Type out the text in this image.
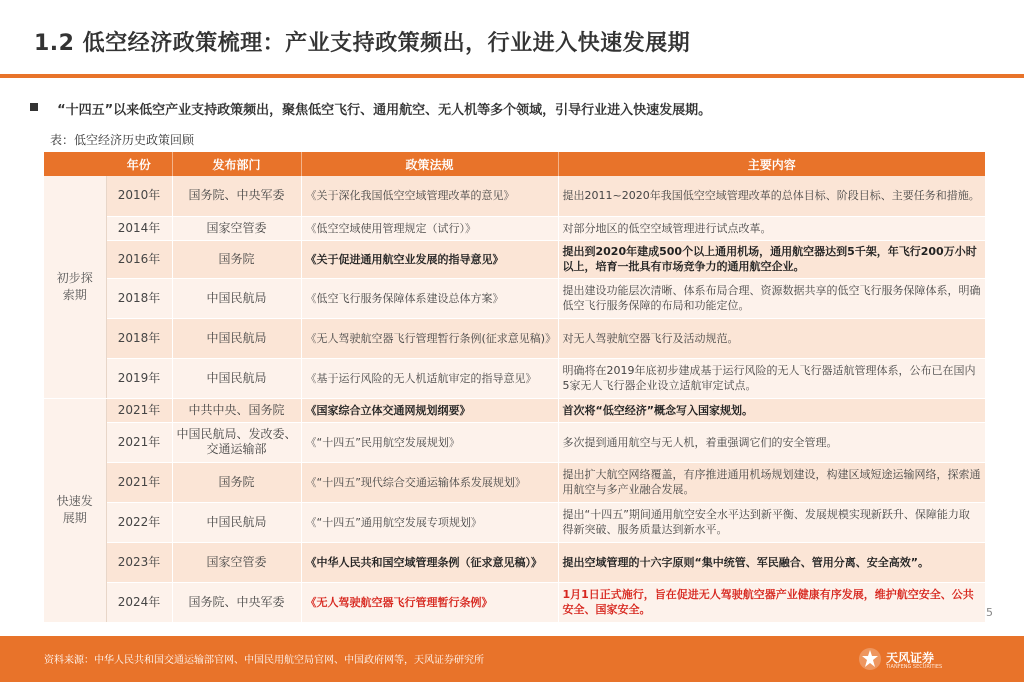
1.2 低空经济政策梳理：产业支持政策频出，行业进入快速发展期
“十四五”以来低空产业支持政策频出，聚焦低空飞行、通用航空、无人机等多个领域，引导行业进入快速发展期。
表：低空经济历史政策回顾
	年份	发布部门	政策法规	主要内容
初步探索期	2010年	国务院、中央军委	《关于深化我国低空空域管理改革的意见》	提出2011~2020年我国低空空域管理改革的总体目标、阶段目标、主要任务和措施。
	2014年	国家空管委	《低空空域使用管理规定（试行）》	对部分地区的低空空域管理进行试点改革。
	2016年	国务院	《关于促进通用航空业发展的指导意见》	提出到2020年建成500个以上通用机场，通用航空器达到5千架，年飞行200万小时以上，培育一批具有市场竞争力的通用航空企业。
	2018年	中国民航局	《低空飞行服务保障体系建设总体方案》	提出建设功能层次清晰、体系布局合理、资源数据共享的低空飞行服务保障体系，明确低空飞行服务保障的布局和功能定位。
	2018年	中国民航局	《无人驾驶航空器飞行管理暂行条例(征求意见稿)》	对无人驾驶航空器飞行及活动规范。
	2019年	中国民航局	《基于运行风险的无人机适航审定的指导意见》	明确将在2019年底初步建成基于运行风险的无人飞行器适航管理体系，公布已在国内5家无人飞行器企业设立适航审定试点。
快速发展期	2021年	中共中央、国务院	《国家综合立体交通网规划纲要》	首次将“低空经济”概念写入国家规划。
	2021年	中国民航局、发改委、交通运输部	《“十四五”民用航空发展规划》	多次提到通用航空与无人机，着重强调它们的安全管理。
	2021年	国务院	《“十四五”现代综合交通运输体系发展规划》	提出扩大航空网络覆盖，有序推进通用机场规划建设，构建区域短途运输网络，探索通用航空与多产业融合发展。
	2022年	中国民航局	《“十四五”通用航空发展专项规划》	提出“十四五”期间通用航空安全水平达到新平衡、发展规模实现新跃升、保障能力取得新突破、服务质量达到新水平。
	2023年	国家空管委	《中华人民共和国空域管理条例（征求意见稿）》	提出空域管理的十六字原则“集中统管、军民融合、管用分离、安全高效”。
	2024年	国务院、中央军委	《无人驾驶航空器飞行管理暂行条例》	1月1日正式施行，旨在促进无人驾驶航空器产业健康有序发展，维护航空安全、公共安全、国家安全。	5
资料来源：中华人民共和国交通运输部官网、中国民用航空局官网、中国政府网等，天风证券研究所	天风证券
TIANFENG SECURITIES
